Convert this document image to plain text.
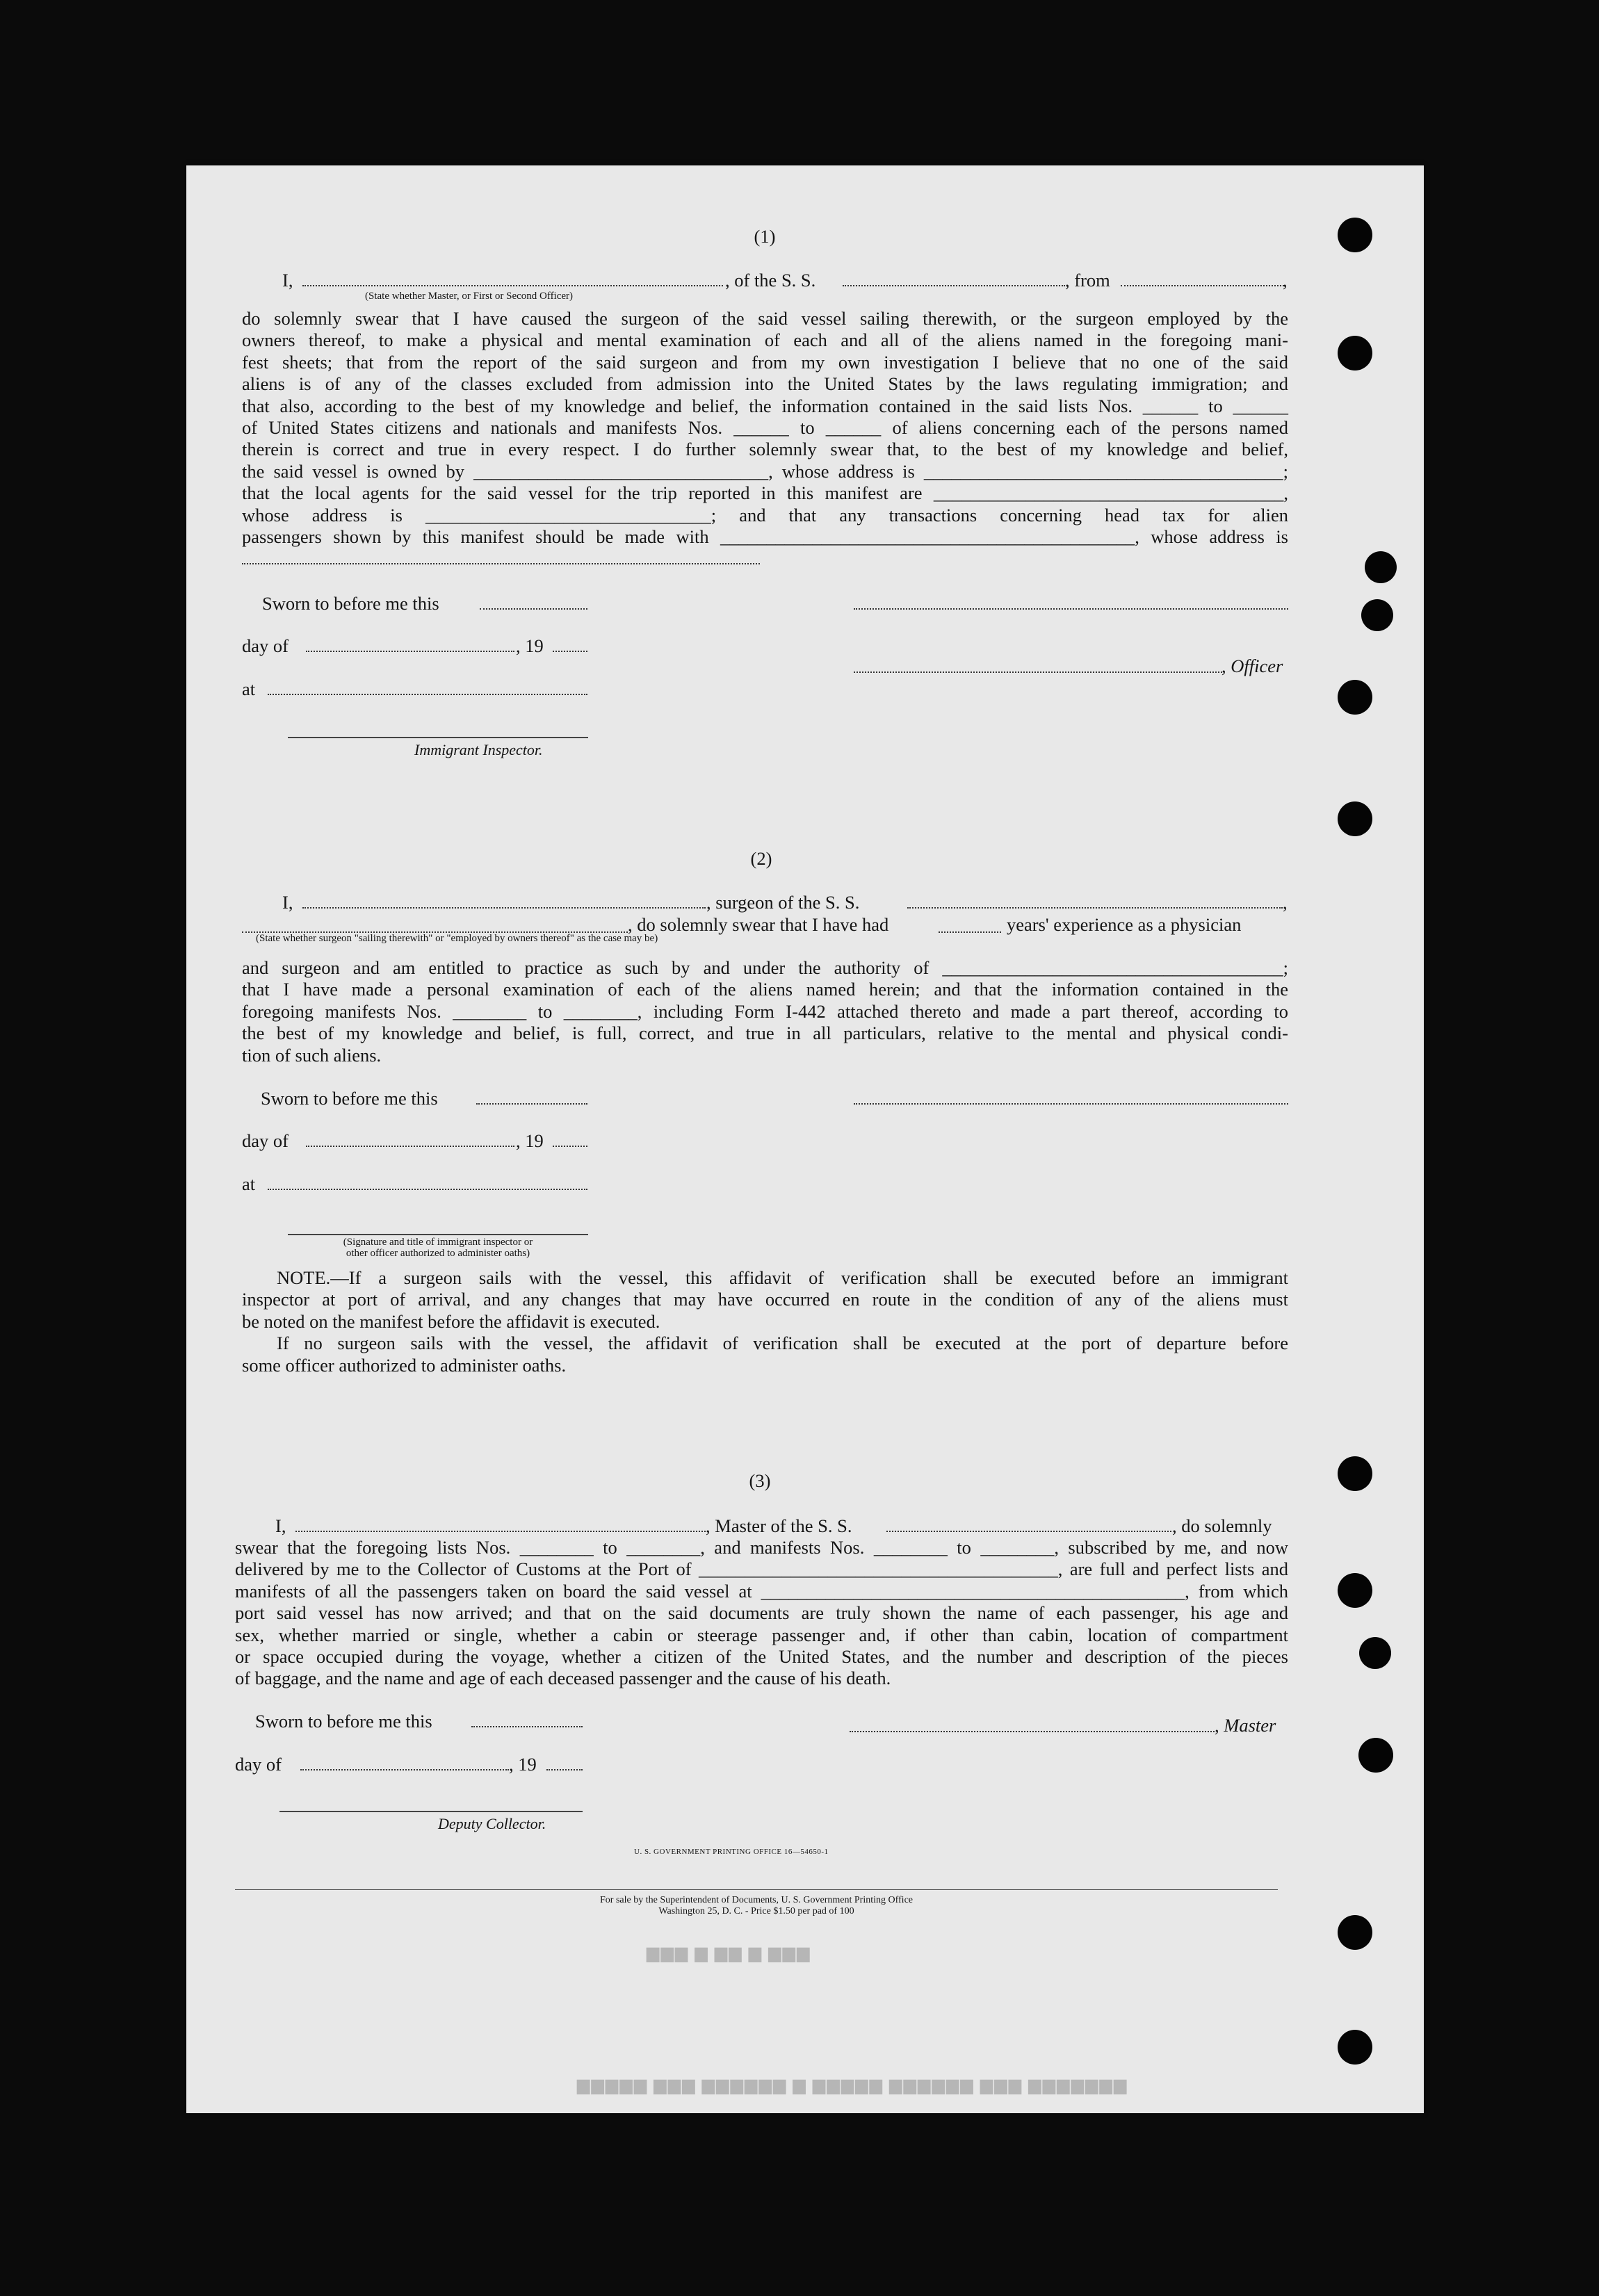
▆▆▆▆▆ ▆▆▆ ▆▆▆▆▆▆ ▆ ▆▆▆▆▆ ▆▆▆▆▆▆ ▆▆▆ ▆▆▆▆▆▆▆
▆▆▆ ▆ ▆▆ ▆ ▆▆▆
(1)
I,
(State whether Master, or First or Second Officer)
, of the S. S.	, from	,
do solemnly swear that I have caused the surgeon of the said vessel sailing therewith, or the surgeon employed by the
owners thereof, to make a physical and mental examination of each and all of the aliens named in the foregoing mani-
fest sheets; that from the report of the said surgeon and from my own investigation I believe that no one of the said
aliens is of any of the classes excluded from admission into the United States by the laws regulating immigration; and
that also, according to the best of my knowledge and belief, the information contained in the said lists Nos. ______ to ______
of United States citizens and nationals and manifests Nos. ______ to ______ of aliens concerning each of the persons named
therein is correct and true in every respect. I do further solemnly swear that, to the best of my knowledge and belief,
the said vessel is owned by ________________________________, whose address is _______________________________________;
that the local agents for the said vessel for the trip reported in this manifest are ______________________________________,
whose address is _______________________________; and that any transactions concerning head tax for alien
passengers shown by this manifest should be made with _____________________________________________, whose address is
Sworn to before me this
day of	, 19
, Officer
at
Immigrant Inspector.
(2)
I,	, surgeon of the S. S.	,
, do solemnly swear that I have had	years' experience as a physician
(State whether surgeon "sailing therewith" or "employed by owners thereof" as the case may be)
and surgeon and am entitled to practice as such by and under the authority of _____________________________________;
that I have made a personal examination of each of the aliens named herein; and that the information contained in the
foregoing manifests Nos. ________ to ________, including Form I-442 attached thereto and made a part thereof, according to
the best of my knowledge and belief, is full, correct, and true in all particulars, relative to the mental and physical condi-
tion of such aliens.
Sworn to before me this
day of	, 19
at
(Signature and title of immigrant inspector or
other officer authorized to administer oaths)
NOTE.—If a surgeon sails with the vessel, this affidavit of verification shall be executed before an immigrant
inspector at port of arrival, and any changes that may have occurred en route in the condition of any of the aliens must
be noted on the manifest before the affidavit is executed.
If no surgeon sails with the vessel, the affidavit of verification shall be executed at the port of departure before
some officer authorized to administer oaths.
(3)
I,	, Master of the S. S.	, do solemnly
swear that the foregoing lists Nos. ________ to ________, and manifests Nos. ________ to ________, subscribed by me, and now
delivered by me to the Collector of Customs at the Port of _______________________________________, are full and perfect lists and
manifests of all the passengers taken on board the said vessel at ______________________________________________, from which
port said vessel has now arrived; and that on the said documents are truly shown the name of each passenger, his age and
sex, whether married or single, whether a cabin or steerage passenger and, if other than cabin, location of compartment
or space occupied during the voyage, whether a citizen of the United States, and the number and description of the pieces
of baggage, and the name and age of each deceased passenger and the cause of his death.
Sworn to before me this	, Master
day of	, 19
Deputy Collector.
U. S. GOVERNMENT PRINTING OFFICE 16—54650-1
For sale by the Superintendent of Documents, U. S. Government Printing Office
Washington 25, D. C. - Price $1.50 per pad of 100
